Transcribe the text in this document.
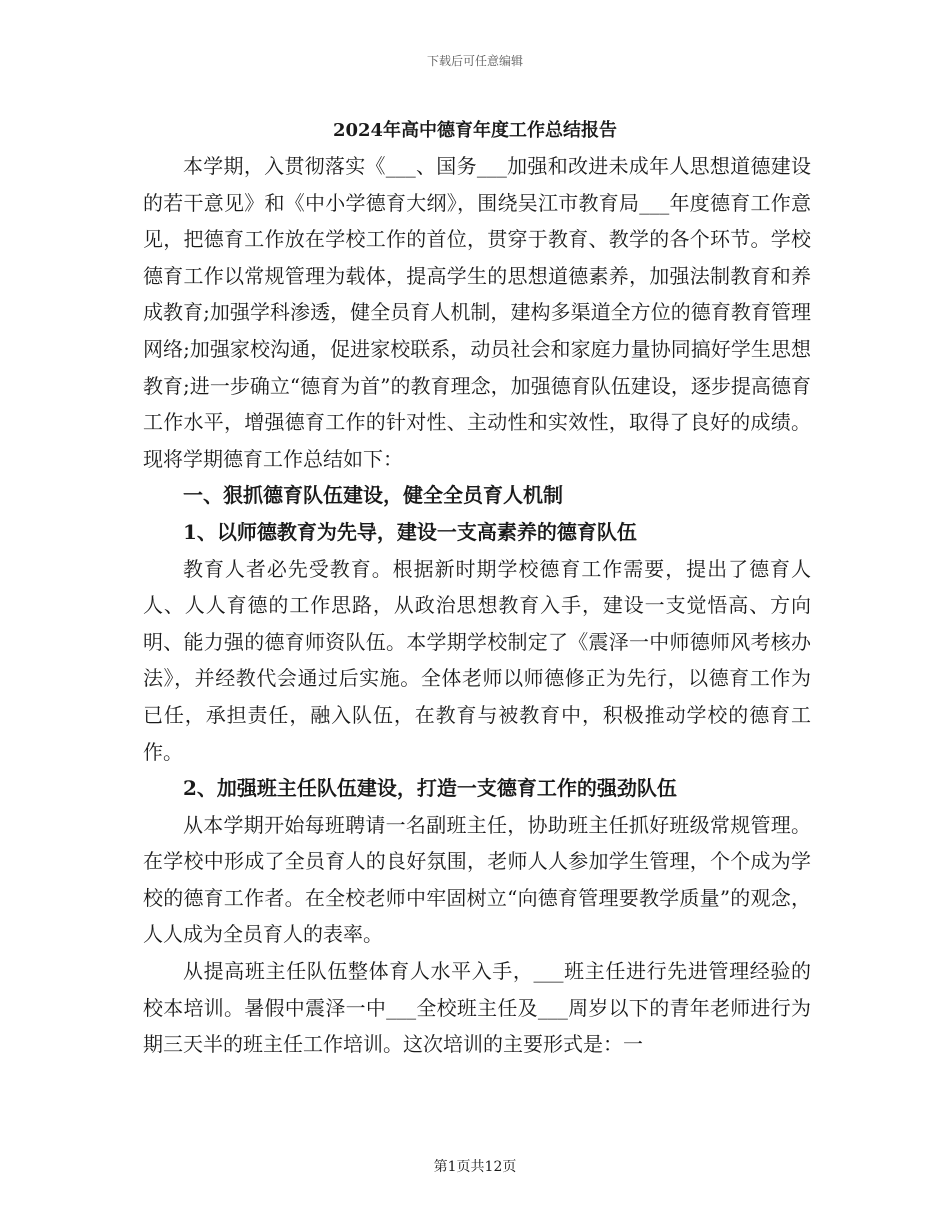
下载后可任意编辑
2024年高中德育年度工作总结报告

本学期，入贯彻落实《___、国务___加强和改进未成年人思想道德建设的若干意见》和《中小学德育大纲》，围绕吴江市教育局___年度德育工作意见，把德育工作放在学校工作的首位，贯穿于教育、教学的各个环节。学校德育工作以常规管理为载体，提高学生的思想道德素养，加强法制教育和养成教育;加强学科渗透，健全员育人机制，建构多渠道全方位的德育教育管理网络;加强家校沟通，促进家校联系，动员社会和家庭力量协同搞好学生思想教育;进一步确立“德育为首”的教育理念，加强德育队伍建设，逐步提高德育工作水平，增强德育工作的针对性、主动性和实效性，取得了良好的成绩。现将学期德育工作总结如下：

一、狠抓德育队伍建设，健全全员育人机制

1、以师德教育为先导，建设一支高素养的德育队伍

教育人者必先受教育。根据新时期学校德育工作需要，提出了德育人人、人人育德的工作思路，从政治思想教育入手，建设一支觉悟高、方向明、能力强的德育师资队伍。本学期学校制定了《震泽一中师德师风考核办法》，并经教代会通过后实施。全体老师以师德修正为先行，以德育工作为已任，承担责任，融入队伍，在教育与被教育中，积极推动学校的德育工作。

2、加强班主任队伍建设，打造一支德育工作的强劲队伍

从本学期开始每班聘请一名副班主任，协助班主任抓好班级常规管理。在学校中形成了全员育人的良好氛围，老师人人参加学生管理，个个成为学校的德育工作者。在全校老师中牢固树立“向德育管理要教学质量”的观念，人人成为全员育人的表率。

从提高班主任队伍整体育人水平入手，___班主任进行先进管理经验的校本培训。暑假中震泽一中___全校班主任及___周岁以下的青年老师进行为期三天半的班主任工作培训。这次培训的主要形式是：一

第1页共12页
